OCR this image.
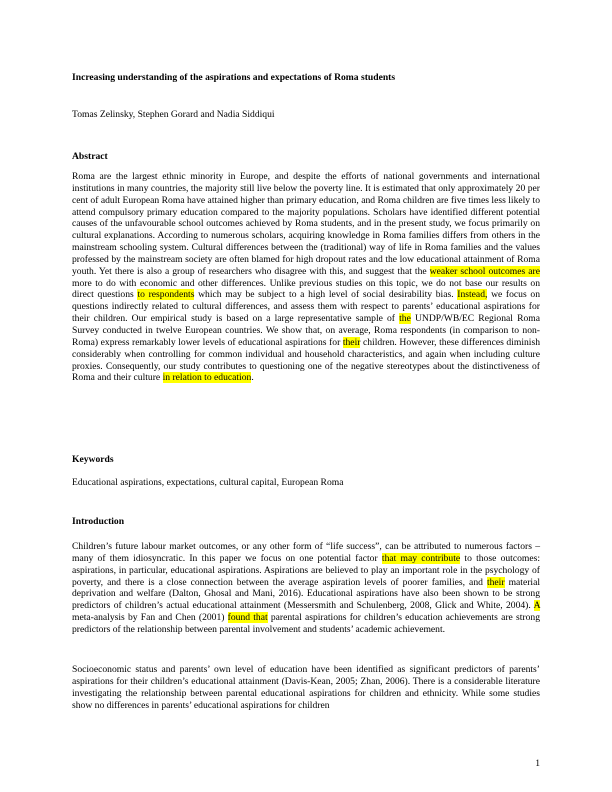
Increasing understanding of the aspirations and expectations of Roma students
Tomas Zelinsky, Stephen Gorard and Nadia Siddiqui
Abstract
Roma are the largest ethnic minority in Europe, and despite the efforts of national governments and international institutions in many countries, the majority still live below the poverty line. It is estimated that only approximately 20 per cent of adult European Roma have attained higher than primary education, and Roma children are five times less likely to attend compulsory primary education compared to the majority populations. Scholars have identified different potential causes of the unfavourable school outcomes achieved by Roma students, and in the present study, we focus primarily on cultural explanations. According to numerous scholars, acquiring knowledge in Roma families differs from others in the mainstream schooling system. Cultural differences between the (traditional) way of life in Roma families and the values professed by the mainstream society are often blamed for high dropout rates and the low educational attainment of Roma youth. Yet there is also a group of researchers who disagree with this, and suggest that the weaker school outcomes are more to do with economic and other differences. Unlike previous studies on this topic, we do not base our results on direct questions to respondents which may be subject to a high level of social desirability bias. Instead, we focus on questions indirectly related to cultural differences, and assess them with respect to parents’ educational aspirations for their children. Our empirical study is based on a large representative sample of the UNDP/WB/EC Regional Roma Survey conducted in twelve European countries. We show that, on average, Roma respondents (in comparison to non-Roma) express remarkably lower levels of educational aspirations for their children. However, these differences diminish considerably when controlling for common individual and household characteristics, and again when including culture proxies. Consequently, our study contributes to questioning one of the negative stereotypes about the distinctiveness of Roma and their culture in relation to education.
Keywords
Educational aspirations, expectations, cultural capital, European Roma
Introduction
Children’s future labour market outcomes, or any other form of “life success”, can be attributed to numerous factors – many of them idiosyncratic. In this paper we focus on one potential factor that may contribute to those outcomes: aspirations, in particular, educational aspirations. Aspirations are believed to play an important role in the psychology of poverty, and there is a close connection between the average aspiration levels of poorer families, and their material deprivation and welfare (Dalton, Ghosal and Mani, 2016). Educational aspirations have also been shown to be strong predictors of children’s actual educational attainment (Messersmith and Schulenberg, 2008, Glick and White, 2004). A meta-analysis by Fan and Chen (2001) found that parental aspirations for children’s education achievements are strong predictors of the relationship between parental involvement and students’ academic achievement.
Socioeconomic status and parents’ own level of education have been identified as significant predictors of parents’ aspirations for their children’s educational attainment (Davis-Kean, 2005; Zhan, 2006). There is a considerable literature investigating the relationship between parental educational aspirations for children and ethnicity. While some studies show no differences in parents’ educational aspirations for children
1
